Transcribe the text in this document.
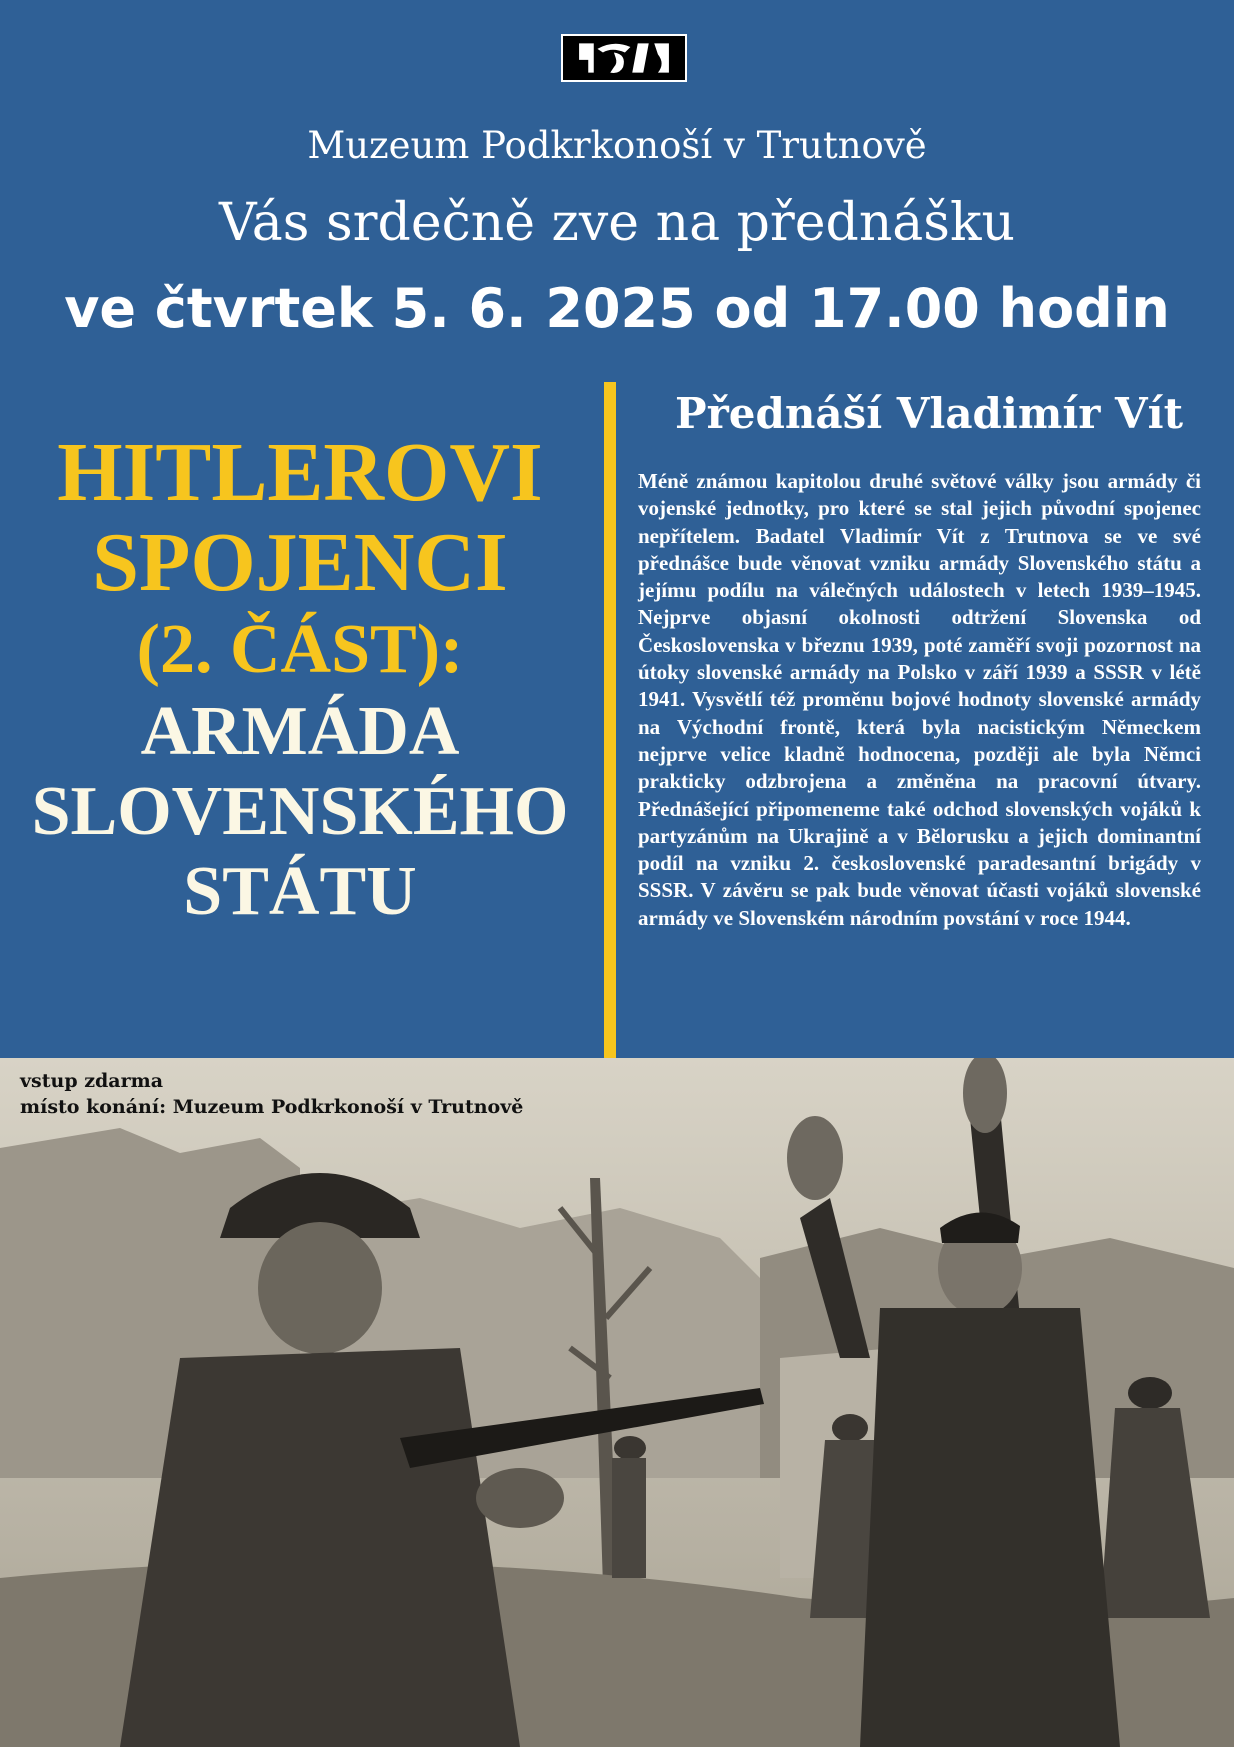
Muzeum Podkrkonoší v Trutnově
Vás srdečně zve na přednášku
ve čtvrtek 5. 6. 2025 od 17.00 hodin
HITLEROVI
SPOJENCI
(2. ČÁST):
ARMÁDA
SLOVENSKÉHO
STÁTU
Přednáší Vladimír Vít
Méně známou kapitolou druhé světové války jsou armády či vojenské jednotky, pro které se stal jejich původní spojenec nepřítelem. Badatel Vladimír Vít z Trutnova se ve své přednášce bude věnovat vzniku armády Slovenského státu a jejímu podílu na válečných událostech v letech 1939–1945. Nejprve objasní okolnosti odtržení Slovenska od Československa v březnu 1939, poté zaměří svoji pozornost na útoky slovenské armády na Polsko v září 1939 a SSSR v létě 1941. Vysvětlí též proměnu bojové hodnoty slovenské armády na Východní frontě, která byla nacistickým Německem nejprve velice kladně hodnocena, později ale byla Němci prakticky odzbrojena a změněna na pracovní útvary. Přednášející připomeneme také odchod slovenských vojáků k partyzánům na Ukrajině a v Bělorusku a jejich dominantní podíl na vzniku 2. československé paradesantní brigády v SSSR. V závěru se pak bude věnovat účasti vojáků slovenské armády ve Slovenském národním povstání v roce 1944.
vstup zdarma
místo konání: Muzeum Podkrkonoší v Trutnově
